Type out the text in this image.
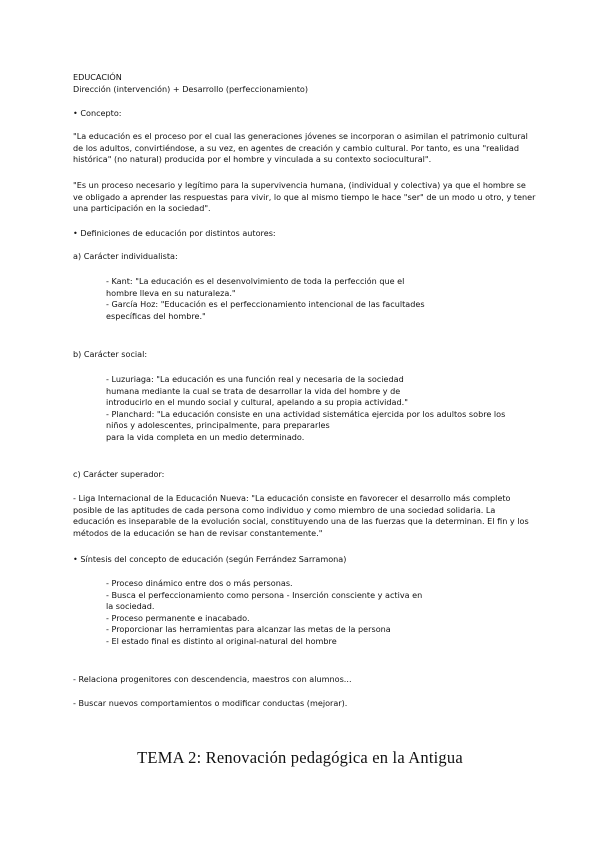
EDUCACIÓN
Dirección (intervención) + Desarrollo (perfeccionamiento)
• Concepto:
"La educación es el proceso por el cual las generaciones jóvenes se incorporan o asimilan el patrimonio cultural
de los adultos, convirtiéndose, a su vez, en agentes de creación y cambio cultural. Por tanto, es una "realidad
histórica" (no natural) producida por el hombre y vinculada a su contexto sociocultural".
"Es un proceso necesario y legítimo para la supervivencia humana, (individual y colectiva) ya que el hombre se
ve obligado a aprender las respuestas para vivir, lo que al mismo tiempo le hace "ser" de un modo u otro, y tener
una participación en la sociedad".
• Definiciones de educación por distintos autores:
a) Carácter individualista:
- Kant: "La educación es el desenvolvimiento de toda la perfección que el
hombre lleva en su naturaleza."
- García Hoz: "Educación es el perfeccionamiento intencional de las facultades
específicas del hombre."
b) Carácter social:
- Luzuriaga: "La educación es una función real y necesaria de la sociedad
humana mediante la cual se trata de desarrollar la vida del hombre y de
introducirlo en el mundo social y cultural, apelando a su propia actividad."
- Planchard: "La educación consiste en una actividad sistemática ejercida por los adultos sobre los
niños y adolescentes, principalmente, para prepararles
para la vida completa en un medio determinado.
c) Carácter superador:
- Liga Internacional de la Educación Nueva: "La educación consiste en favorecer el desarrollo más completo
posible de las aptitudes de cada persona como individuo y como miembro de una sociedad solidaria. La
educación es inseparable de la evolución social, constituyendo una de las fuerzas que la determinan. El fin y los
métodos de la educación se han de revisar constantemente."
• Síntesis del concepto de educación (según Ferrández Sarramona)
- Proceso dinámico entre dos o más personas.
- Busca el perfeccionamiento como persona - Inserción consciente y activa en
la sociedad.
- Proceso permanente e inacabado.
- Proporcionar las herramientas para alcanzar las metas de la persona
- El estado final es distinto al original-natural del hombre
- Relaciona progenitores con descendencia, maestros con alumnos...
- Buscar nuevos comportamientos o modificar conductas (mejorar).
TEMA 2: Renovación pedagógica en la Antigua
